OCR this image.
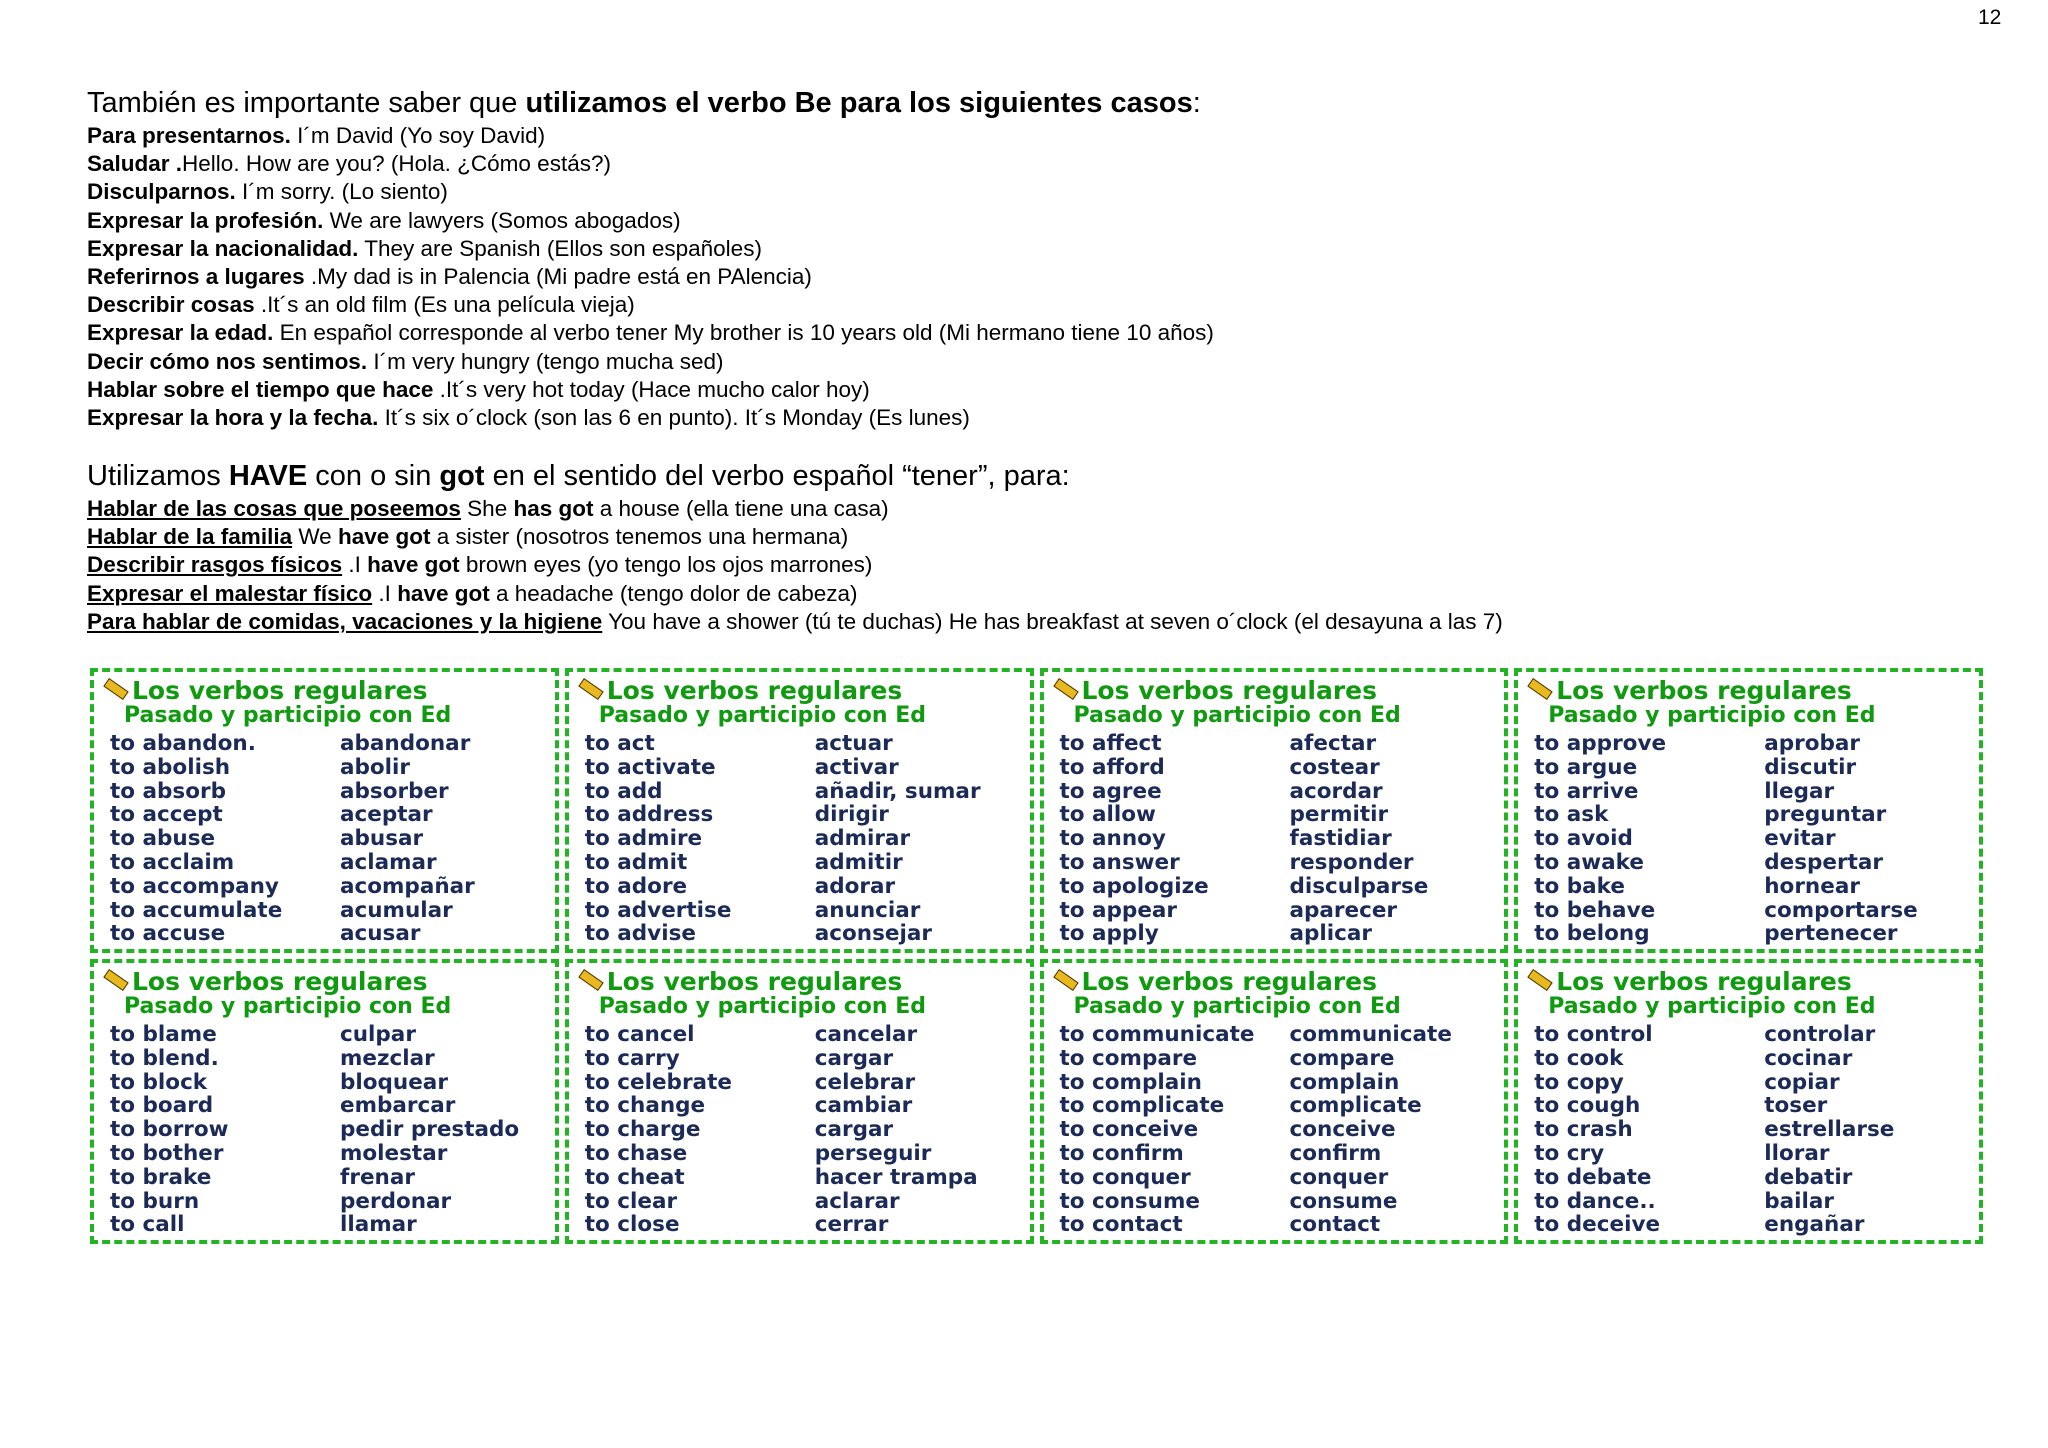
12
También es importante saber que utilizamos el verbo Be para los siguientes casos:
Para presentarnos. I´m David (Yo soy David)
Saludar .Hello. How are you? (Hola. ¿Cómo estás?)
Disculparnos. I´m sorry. (Lo siento)
Expresar la profesión. We are lawyers (Somos abogados)
Expresar la nacionalidad. They are Spanish (Ellos son españoles)
Referirnos a lugares .My dad is in Palencia (Mi padre está en PAlencia)
Describir cosas .It´s an old film (Es una película vieja)
Expresar la edad. En español corresponde al verbo tener My brother is 10 years old (Mi hermano tiene 10 años)
Decir cómo nos sentimos. I´m very hungry (tengo mucha sed)
Hablar sobre el tiempo que hace .It´s very hot today (Hace mucho calor hoy)
Expresar la hora y la fecha. It´s six o´clock (son las 6 en punto). It´s Monday (Es lunes)
Utilizamos HAVE con o sin got en el sentido del verbo español “tener”, para:
Hablar de las cosas que poseemos She has got a house (ella tiene una casa)
Hablar de la familia We have got a sister (nosotros tenemos una hermana)
Describir rasgos físicos .I have got brown eyes (yo tengo los ojos marrones)
Expresar el malestar físico .I have got a headache (tengo dolor de cabeza)
Para hablar de comidas, vacaciones y la higiene You have a shower (tú te duchas) He has breakfast at seven o´clock (el desayuna a las 7)
Los verbos regulares
Pasado y participio con Ed
to abandon.	abandonar
to abolish	abolir
to absorb	absorber
to accept	aceptar
to abuse	abusar
to acclaim	aclamar
to accompany	acompañar
to accumulate	acumular
to accuse	acusar
Los verbos regulares
Pasado y participio con Ed
to act	actuar
to activate	activar
to add	añadir, sumar
to address	dirigir
to admire	admirar
to admit	admitir
to adore	adorar
to advertise	anunciar
to advise	aconsejar
Los verbos regulares
Pasado y participio con Ed
to affect	afectar
to afford	costear
to agree	acordar
to allow	permitir
to annoy	fastidiar
to answer	responder
to apologize	disculparse
to appear	aparecer
to apply	aplicar
Los verbos regulares
Pasado y participio con Ed
to approve	aprobar
to argue	discutir
to arrive	llegar
to ask	preguntar
to avoid	evitar
to awake	despertar
to bake	hornear
to behave	comportarse
to belong	pertenecer
Los verbos regulares
Pasado y participio con Ed
to blame	culpar
to blend.	mezclar
to block	bloquear
to board	embarcar
to borrow	pedir prestado
to bother	molestar
to brake	frenar
to burn	perdonar
to call	llamar
Los verbos regulares
Pasado y participio con Ed
to cancel	cancelar
to carry	cargar
to celebrate	celebrar
to change	cambiar
to charge	cargar
to chase	perseguir
to cheat	hacer trampa
to clear	aclarar
to close	cerrar
Los verbos regulares
Pasado y participio con Ed
to communicate	communicate
to compare	compare
to complain	complain
to complicate	complicate
to conceive	conceive
to confirm	confirm
to conquer	conquer
to consume	consume
to contact	contact
Los verbos regulares
Pasado y participio con Ed
to control	controlar
to cook	cocinar
to copy	copiar
to cough	toser
to crash	estrellarse
to cry	llorar
to debate	debatir
to dance..	bailar
to deceive	engañar
